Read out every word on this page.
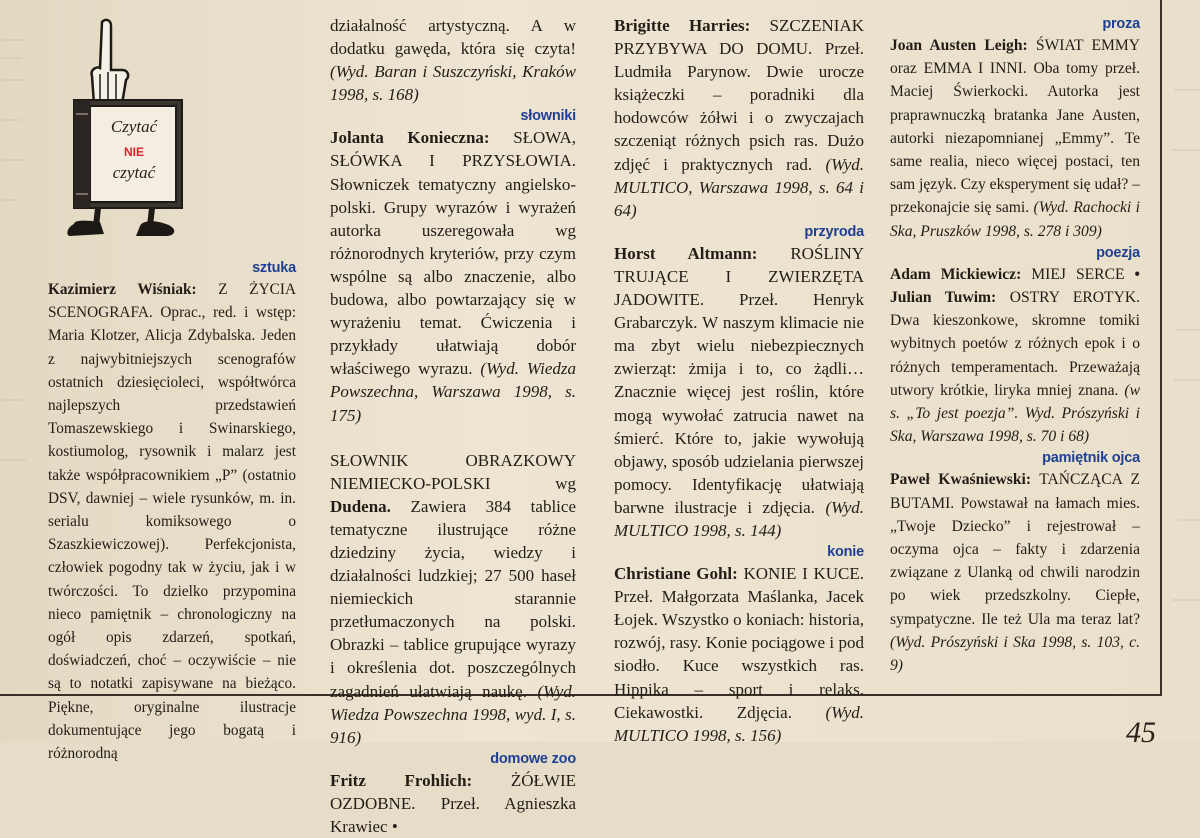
Czytać
NIE
czytać
sztuka

Kazimierz Wiśniak: Z ŻYCIA SCENOGRAFA. Oprac., red. i wstęp: Maria Klotzer, Alicja Zdybalska. Jeden z najwybitniejszych scenografów ostatnich dziesięcioleci, współtwórca najlepszych przedstawień Tomaszewskiego i Swinarskiego, kostiumolog, rysownik i malarz jest także współpracownikiem „P” (ostatnio DSV, dawniej – wiele rysunków, m. in. serialu komiksowego o Szaszkiewiczowej). Perfekcjonista, człowiek pogodny tak w życiu, jak i w twórczości. To dzielko przypomina nieco pamiętnik – chronologiczny na ogół opis zdarzeń, spotkań, doświadczeń, choć – oczywiście – nie są to notatki zapisywane na bieżąco. Piękne, oryginalne ilustracje dokumentujące jego bogatą i różnorodną

działalność artystyczną. A w dodatku gawęda, która się czyta! (Wyd. Baran i Suszczyński, Kraków 1998, s. 168)

słowniki

Jolanta Konieczna: SŁOWA, SŁÓWKA I PRZYSŁOWIA. Słowniczek tematyczny angielsko-polski. Grupy wyrazów i wyrażeń autorka uszeregowała wg różnorodnych kryteriów, przy czym wspólne są albo znaczenie, albo budowa, albo powtarzający się w wyrażeniu temat. Ćwiczenia i przykłady ułatwiają dobór właściwego wyrazu. (Wyd. Wiedza Powszechna, Warszawa 1998, s. 175)

SŁOWNIK OBRAZKOWY NIEMIECKO-POLSKI wg Dudena. Zawiera 384 tablice tematyczne ilustrujące różne dziedziny życia, wiedzy i działalności ludzkiej; 27 500 haseł niemieckich starannie przetłumaczonych na polski. Obrazki – tablice grupujące wyrazy i określenia dot. poszczególnych zagadnień ułatwiają naukę. (Wyd. Wiedza Powszechna 1998, wyd. I, s. 916)

domowe zoo

Fritz Frohlich: ŻÓŁWIE OZDOBNE. Przeł. Agnieszka Krawiec •

Brigitte Harries: SZCZENIAK PRZYBYWA DO DOMU. Przeł. Ludmiła Parynow. Dwie urocze książeczki – poradniki dla hodowców żółwi i o zwyczajach szczeniąt różnych psich ras. Dużo zdjęć i praktycznych rad. (Wyd. MULTICO, Warszawa 1998, s. 64 i 64)

przyroda

Horst Altmann: ROŚLINY TRUJĄCE I ZWIERZĘTA JADOWITE. Przeł. Henryk Grabarczyk. W naszym klimacie nie ma zbyt wielu niebezpiecznych zwierząt: żmija i to, co żądli… Znacznie więcej jest roślin, które mogą wywołać zatrucia nawet na śmierć. Które to, jakie wywołują objawy, sposób udzielania pierwszej pomocy. Identyfikację ułatwiają barwne ilustracje i zdjęcia. (Wyd. MULTICO 1998, s. 144)

konie

Christiane Gohl: KONIE I KUCE. Przeł. Małgorzata Maślanka, Jacek Łojek. Wszystko o koniach: historia, rozwój, rasy. Konie pociągowe i pod siodło. Kuce wszystkich ras. Hippika – sport i relaks. Ciekawostki. Zdjęcia. (Wyd. MULTICO 1998, s. 156)

proza

Joan Austen Leigh: ŚWIAT EMMY oraz EMMA I INNI. Oba tomy przeł. Maciej Świerkocki. Autorka jest praprawnuczką bratanka Jane Austen, autorki niezapomnianej „Emmy”. Te same realia, nieco więcej postaci, ten sam język. Czy eksperyment się udał? – przekonajcie się sami. (Wyd. Rachocki i Ska, Pruszków 1998, s. 278 i 309)

poezja

Adam Mickiewicz: MIEJ SERCE • Julian Tuwim: OSTRY EROTYK. Dwa kieszonkowe, skromne tomiki wybitnych poetów z różnych epok i o różnych temperamentach. Przeważają utwory krótkie, liryka mniej znana. (w s. „To jest poezja”. Wyd. Prószyński i Ska, Warszawa 1998, s. 70 i 68)

pamiętnik ojca

Paweł Kwaśniewski: TAŃCZĄCA Z BUTAMI. Powstawał na łamach mies. „Twoje Dziecko” i rejestrował – oczyma ojca – fakty i zdarzenia związane z Ulanką od chwili narodzin po wiek przedszkolny. Ciepłe, sympatyczne. Ile też Ula ma teraz lat? (Wyd. Prószyński i Ska 1998, s. 103, c. 9)

45
